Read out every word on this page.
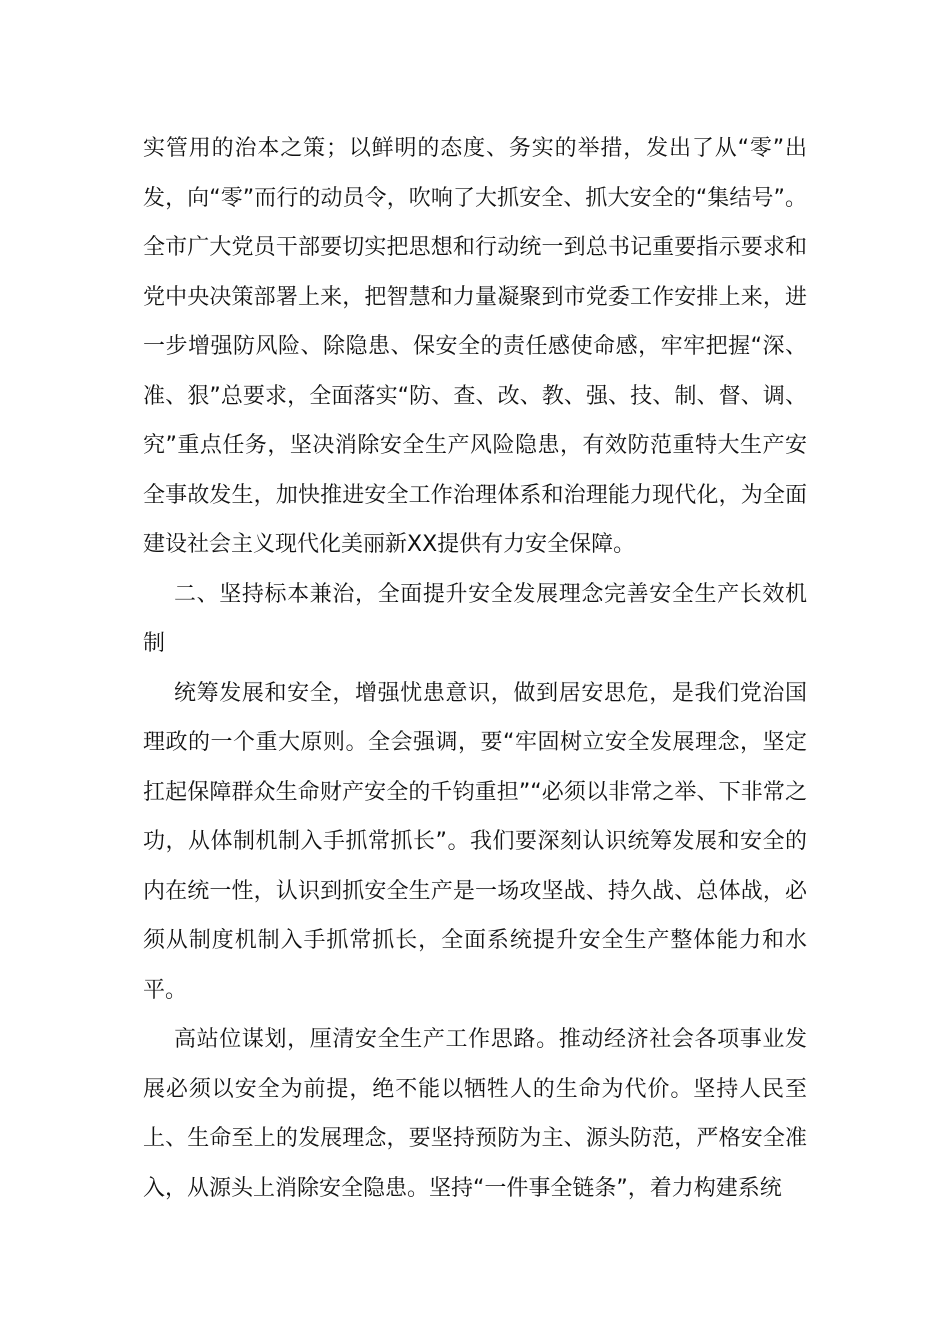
实管用的治本之策；以鲜明的态度、务实的举措，发出了从“零”出发，向“零”而行的动员令，吹响了大抓安全、抓大安全的“集结号”。全市广大党员干部要切实把思想和行动统一到总书记重要指示要求和党中央决策部署上来，把智慧和力量凝聚到市党委工作安排上来，进一步增强防风险、除隐患、保安全的责任感使命感，牢牢把握“深、准、狠”总要求，全面落实“防、查、改、教、强、技、制、督、调、究”重点任务，坚决消除安全生产风险隐患，有效防范重特大生产安全事故发生，加快推进安全工作治理体系和治理能力现代化，为全面建设社会主义现代化美丽新XX提供有力安全保障。

二、坚持标本兼治，全面提升安全发展理念完善安全生产长效机制

统筹发展和安全，增强忧患意识，做到居安思危，是我们党治国理政的一个重大原则。全会强调，要“牢固树立安全发展理念，坚定扛起保障群众生命财产安全的千钧重担”“必须以非常之举、下非常之功，从体制机制入手抓常抓长”。我们要深刻认识统筹发展和安全的内在统一性，认识到抓安全生产是一场攻坚战、持久战、总体战，必须从制度机制入手抓常抓长，全面系统提升安全生产整体能力和水平。

高站位谋划，厘清安全生产工作思路。推动经济社会各项事业发展必须以安全为前提，绝不能以牺牲人的生命为代价。坚持人民至上、生命至上的发展理念，要坚持预防为主、源头防范，严格安全准入，从源头上消除安全隐患。坚持“一件事全链条”，着力构建系统
